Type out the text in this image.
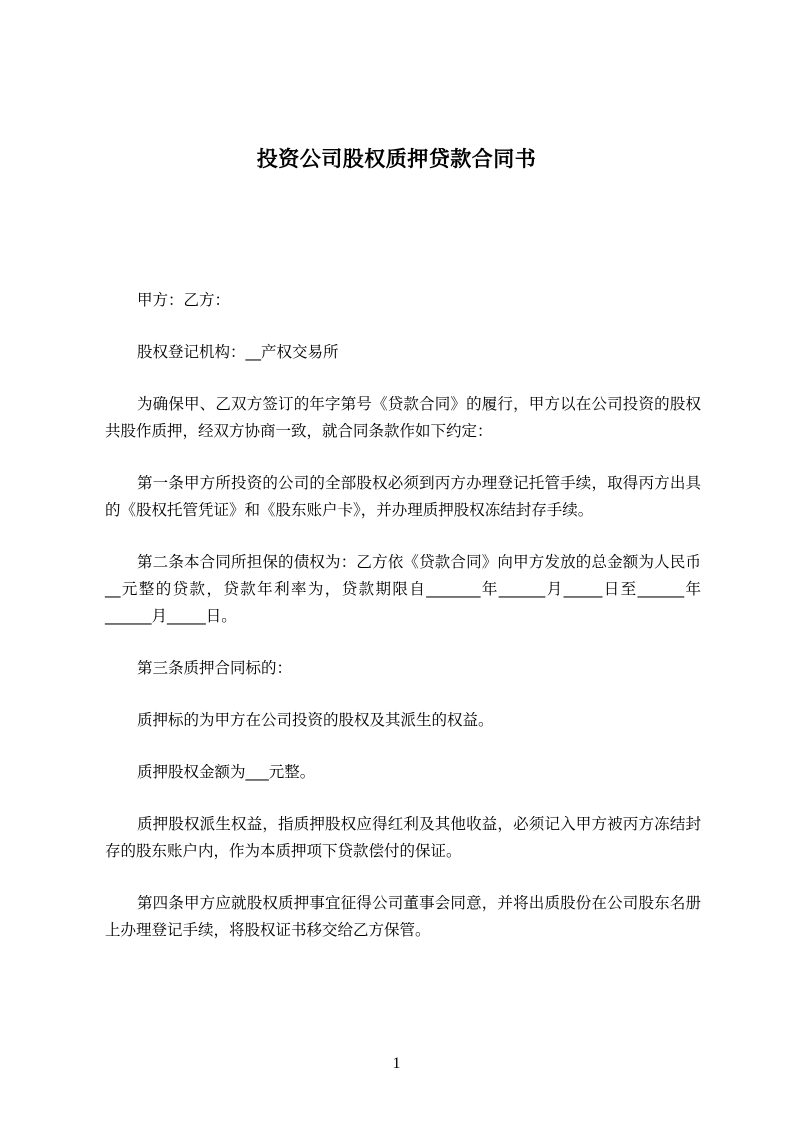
投资公司股权质押贷款合同书

甲方：乙方：

股权登记机构：__产权交易所

为确保甲、乙双方签订的年字第号《贷款合同》的履行，甲方以在公司投资的股权共股作质押，经双方协商一致，就合同条款作如下约定：

第一条甲方所投资的公司的全部股权必须到丙方办理登记托管手续，取得丙方出具的《股权托管凭证》和《股东账户卡》，并办理质押股权冻结封存手续。

第二条本合同所担保的债权为：乙方依《贷款合同》向甲方发放的总金额为人民币__元整的贷款，贷款年利率为，贷款期限自_______年______月_____日至______年______月_____日。

第三条质押合同标的：

质押标的为甲方在公司投资的股权及其派生的权益。

质押股权金额为___元整。

质押股权派生权益，指质押股权应得红利及其他收益，必须记入甲方被丙方冻结封存的股东账户内，作为本质押项下贷款偿付的保证。

第四条甲方应就股权质押事宜征得公司董事会同意，并将出质股份在公司股东名册上办理登记手续，将股权证书移交给乙方保管。

1
